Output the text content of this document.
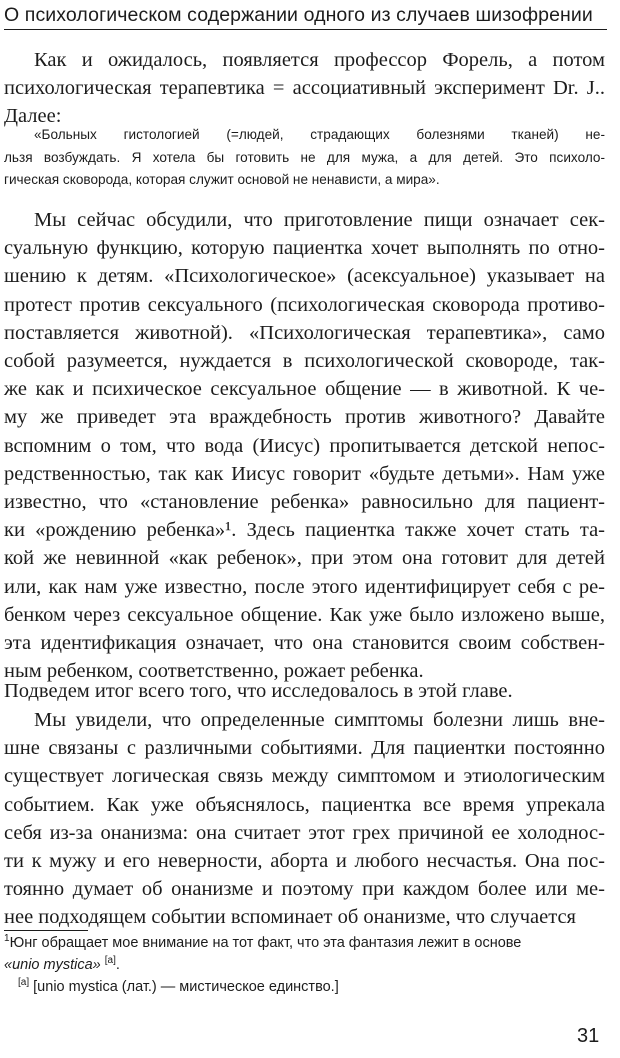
О психологическом содержании одного из случаев шизофрении
Как и ожидалось, появляется профессор Форель, а потом
психологическая терапевтика = ассоциативный эксперимент Dr. J..
Далее:
«Больных гистологией (=людей, страдающих болезнями тканей) не-
льзя возбуждать. Я хотела бы готовить не для мужа, а для детей. Это психоло-
гическая сковорода, которая служит основой не ненависти, а мира».
Мы сейчас обсудили, что приготовление пищи означает сек-
суальную функцию, которую пациентка хочет выполнять по отно-
шению к детям. «Психологическое» (асексуальное) указывает на
протест против сексуального (психологическая сковорода противо-
поставляется животной). «Психологическая терапевтика», само
собой разумеется, нуждается в психологической сковороде, так-
же как и психическое сексуальное общение — в животной. К че-
му же приведет эта враждебность против животного? Давайте
вспомним о том, что вода (Иисус) пропитывается детской непос-
редственностью, так как Иисус говорит «будьте детьми». Нам уже
известно, что «становление ребенка» равносильно для пациент-
ки «рождению ребенка»¹. Здесь пациентка также хочет стать та-
кой же невинной «как ребенок», при этом она готовит для детей
или, как нам уже известно, после этого идентифицирует себя с ре-
бенком через сексуальное общение. Как уже было изложено выше,
эта идентификация означает, что она становится своим собствен-
ным ребенком, соответственно, рожает ребенка.
Подведем итог всего того, что исследовалось в этой главе.
Мы увидели, что определенные симптомы болезни лишь вне-
шне связаны с различными событиями. Для пациентки постоянно
существует логическая связь между симптомом и этиологическим
событием. Как уже объяснялось, пациентка все время упрекала
себя из-за онанизма: она считает этот грех причиной ее холоднос-
ти к мужу и его неверности, аборта и любого несчастья. Она пос-
тоянно думает об онанизме и поэтому при каждом более или ме-
нее подходящем событии вспоминает об онанизме, что случается

$^1$Юнг обращает мое внимание на тот факт, что эта фантазия лежит в основе
«unio mystica» [а].

[а] [unio mystica (лат.) — мистическое единство.]

31
